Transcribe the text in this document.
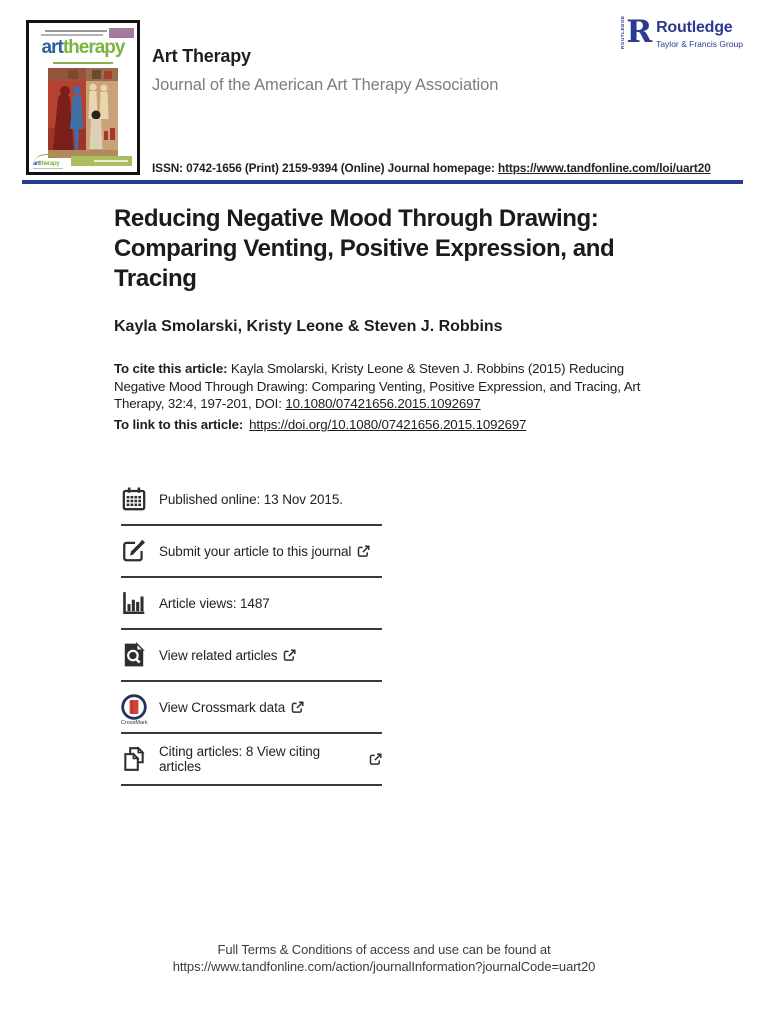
arttherapy
arttherapy
Art Therapy
Journal of the American Art Therapy Association
ISSN: 0742-1656 (Print) 2159-9394 (Online) Journal homepage: https://www.tandfonline.com/loi/uart20
ROUTLEDGE R Routledge
Taylor & Francis Group
Reducing Negative Mood Through Drawing:
Comparing Venting, Positive Expression, and
Tracing
Kayla Smolarski, Kristy Leone & Steven J. Robbins
To cite this article: Kayla Smolarski, Kristy Leone & Steven J. Robbins (2015) Reducing Negative Mood Through Drawing: Comparing Venting, Positive Expression, and Tracing, Art Therapy, 32:4, 197-201, DOI: 10.1080/07421656.2015.1092697
To link to this article: https://doi.org/10.1080/07421656.2015.1092697
Published online: 13 Nov 2015.
Submit your article to this journal
Article views: 1487
View related articles
CrossMark
View Crossmark data
Citing articles: 8 View citing articles
Full Terms & Conditions of access and use can be found at
https://www.tandfonline.com/action/journalInformation?journalCode=uart20
